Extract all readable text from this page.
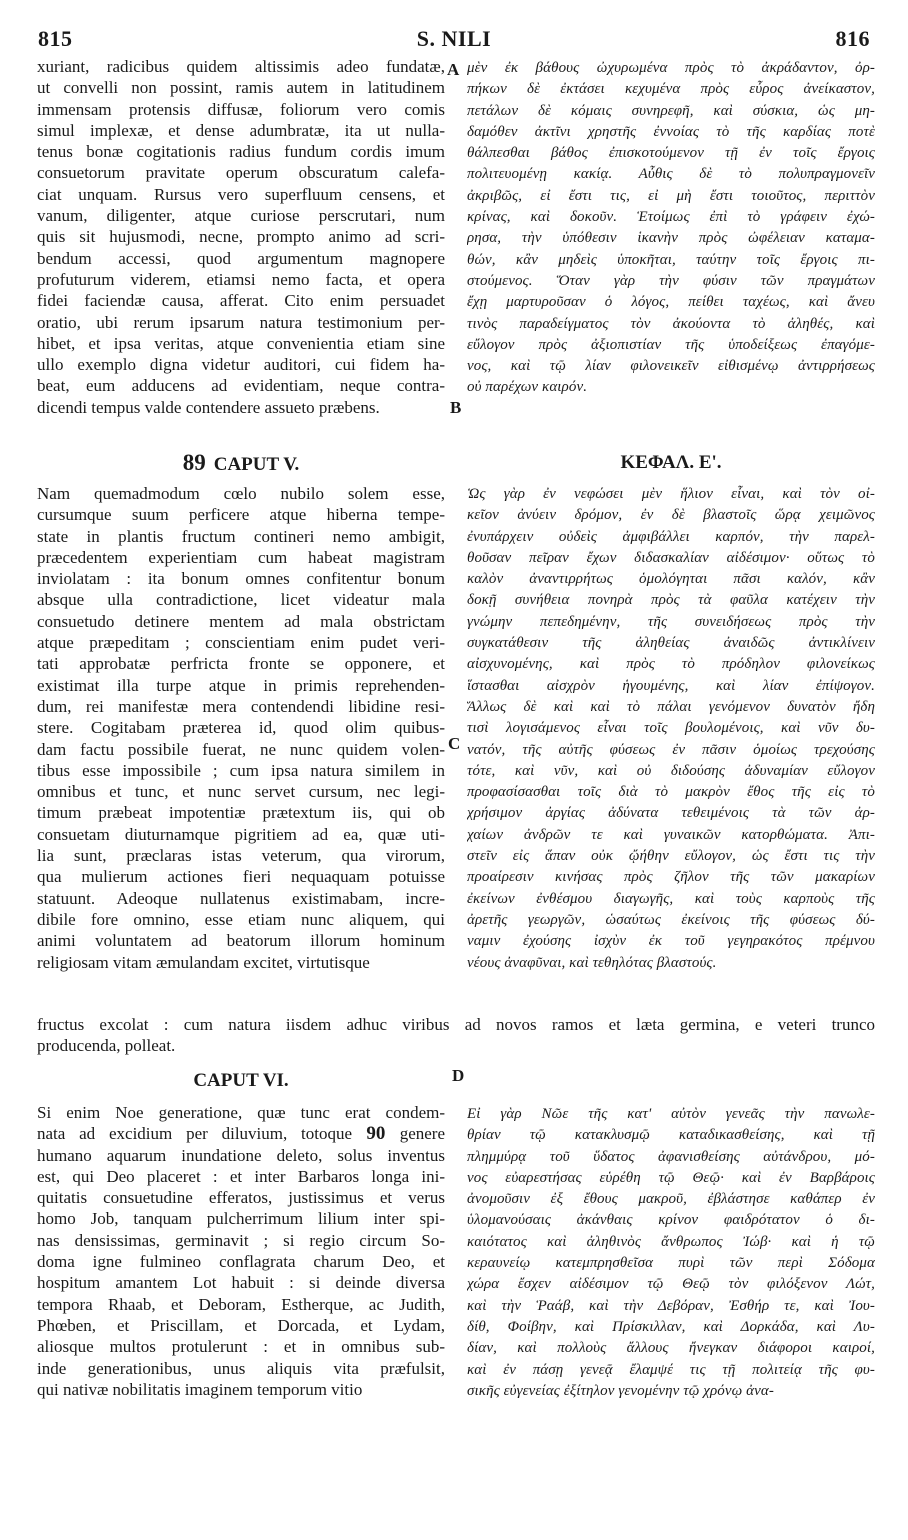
815	S. NILI	816
xuriant, radicibus quidem altissimis adeo fundatæ,
ut convelli non possint, ramis autem in latitudinem
immensam protensis diffusæ, foliorum vero comis
simul implexæ, et dense adumbratæ, ita ut nulla-
tenus bonæ cogitationis radius fundum cordis imum
consuetorum pravitate operum obscuratum calefa-
ciat unquam. Rursus vero superfluum censens, et
vanum, diligenter, atque curiose perscrutari, num
quis sit hujusmodi, necne, prompto animo ad scri-
bendum accessi, quod argumentum magnopere
profuturum viderem, etiamsi nemo facta, et opera
fidei faciendæ causa, afferat. Cito enim persuadet
oratio, ubi rerum ipsarum natura testimonium per-
hibet, et ipsa veritas, atque convenientia etiam sine
ullo exemplo digna videtur auditori, cui fidem ha-
beat, eum adducens ad evidentiam, neque contra-
dicendi tempus valde contendere assueto præbens.
μὲν ἐκ βάθους ὠχυρωμένα πρὸς τὸ ἀκράδαντον, ὀρ-
πήκων δὲ ἐκτάσει κεχυμένα πρὸς εὖρος ἀνείκαστον,
πετάλων δὲ κόμαις συνηρεφῆ, καὶ σύσκια, ὡς μη-
δαμόθεν ἀκτῖνι χρηστῆς ἐννοίας τὸ τῆς καρδίας ποτὲ
θάλπεσθαι βάθος ἐπισκοτούμενον τῇ ἐν τοῖς ἔργοις
πολιτευομένῃ κακίᾳ. Αὖθις δὲ τὸ πολυπραγμονεῖν
ἀκριβῶς, εἰ ἔστι τις, εἰ μὴ ἔστι τοιοῦτος, περιττὸν
κρίνας, καὶ δοκοῦν. Ἑτοίμως ἐπὶ τὸ γράφειν ἐχώ-
ρησα, τὴν ὑπόθεσιν ἱκανὴν πρὸς ὠφέλειαν καταμα-
θών, κἂν μηδεὶς ὑποκῆται, ταύτην τοῖς ἔργοις πι-
στούμενος. Ὅταν γὰρ τὴν φύσιν τῶν πραγμάτων
ἔχῃ μαρτυροῦσαν ὁ λόγος, πείθει ταχέως, καὶ ἄνευ
τινὸς παραδείγματος τὸν ἀκούοντα τὸ ἀληθές, καὶ
εὔλογον πρὸς ἀξιοπιστίαν τῆς ὑποδείξεως ἐπαγόμε-
νος, καὶ τῷ λίαν φιλονεικεῖν εἰθισμένῳ ἀντιρρήσεως
οὐ παρέχων καιρόν.
A
B
C
D
89 CAPUT V.	ΚΕΦΑΛ. Ε'.
Nam quemadmodum cœlo nubilo solem esse,
cursumque suum perficere atque hiberna tempe-
state in plantis fructum contineri nemo ambigit,
præcedentem experientiam cum habeat magistram
inviolatam : ita bonum omnes confitentur bonum
absque ulla contradictione, licet videatur mala
consuetudo detinere mentem ad mala obstrictam
atque præpeditam ; conscientiam enim pudet veri-
tati approbatæ perfricta fronte se opponere, et
existimat illa turpe atque in primis reprehenden-
dum, rei manifestæ mera contendendi libidine resi-
stere. Cogitabam præterea id, quod olim quibus-
dam factu possibile fuerat, ne nunc quidem volen-
tibus esse impossibile ; cum ipsa natura similem in
omnibus et tunc, et nunc servet cursum, nec legi-
timum præbeat impotentiæ prætextum iis, qui ob
consuetam diuturnamque pigritiem ad ea, quæ uti-
lia sunt, præclaras istas veterum, qua virorum,
qua mulierum actiones fieri nequaquam potuisse
statuunt. Adeoque nullatenus existimabam, incre-
dibile fore omnino, esse etiam nunc aliquem, qui
animi voluntatem ad beatorum illorum hominum
religiosam vitam æmulandam excitet, virtutisque
Ὡς γὰρ ἐν νεφώσει μὲν ἥλιον εἶναι, καὶ τὸν οἰ-
κεῖον ἀνύειν δρόμον, ἐν δὲ βλαστοῖς ὥρᾳ χειμῶνος
ἐνυπάρχειν οὐδεὶς ἀμφιβάλλει καρπόν, τὴν παρελ-
θοῦσαν πεῖραν ἔχων διδασκαλίαν αἰδέσιμον· οὕτως τὸ
καλὸν ἀναντιρρήτως ὁμολόγηται πᾶσι καλόν, κἂν
δοκῇ συνήθεια πονηρὰ πρὸς τὰ φαῦλα κατέχειν τὴν
γνώμην πεπεδημένην, τῆς συνειδήσεως πρὸς τὴν
συγκατάθεσιν τῆς ἀληθείας ἀναιδῶς ἀντικλίνειν
αἰσχυνομένης, καὶ πρὸς τὸ πρόδηλον φιλονείκως
ἵστασθαι αἰσχρὸν ἡγουμένης, καὶ λίαν ἐπίψογον.
Ἄλλως δὲ καὶ καὶ τὸ πάλαι γενόμενον δυνατὸν ἤδη
τισὶ λογισάμενος εἶναι τοῖς βουλομένοις, καὶ νῦν δυ-
νατόν, τῆς αὐτῆς φύσεως ἐν πᾶσιν ὁμοίως τρεχούσης
τότε, καὶ νῦν, καὶ οὐ διδούσης ἀδυναμίαν εὔλογον
προφασίσασθαι τοῖς διὰ τὸ μακρὸν ἔθος τῆς εἰς τὸ
χρήσιμον ἀργίας ἀδύνατα τεθειμένοις τὰ τῶν ἀρ-
χαίων ἀνδρῶν τε καὶ γυναικῶν κατορθώματα. Ἀπι-
στεῖν εἰς ἅπαν οὐκ ᾤήθην εὔλογον, ὡς ἔστι τις τὴν
προαίρεσιν κινήσας πρὸς ζῆλον τῆς τῶν μακαρίων
ἐκείνων ἐνθέσμου διαγωγῆς, καὶ τοὺς καρποὺς τῆς
ἀρετῆς γεωργῶν, ὡσαύτως ἐκείνοις τῆς φύσεως δύ-
ναμιν ἐχούσης ἰσχὺν ἐκ τοῦ γεγηρακότος πρέμνου
νέους ἀναφῦναι, καὶ τεθηλότας βλαστούς.
fructus excolat : cum natura iisdem adhuc viribus ad novos ramos et læta germina, e veteri trunco
producenda, polleat.
CAPUT VI.
Si enim Noe generatione, quæ tunc erat condem-
nata ad excidium per diluvium, totoque 90 genere
humano aquarum inundatione deleto, solus inventus
est, qui Deo placeret : et inter Barbaros longa ini-
quitatis consuetudine efferatos, justissimus et verus
homo Job, tanquam pulcherrimum lilium inter spi-
nas densissimas, germinavit ; si regio circum So-
doma igne fulmineo conflagrata charum Deo, et
hospitum amantem Lot habuit : si deinde diversa
tempora Rhaab, et Deboram, Estherque, ac Judith,
Phœben, et Priscillam, et Dorcada, et Lydam,
aliosque multos protulerunt : et in omnibus sub-
inde generationibus, unus aliquis vita præfulsit,
qui nativæ nobilitatis imaginem temporum vitio
Εἰ γὰρ Νῶε τῆς κατ' αὐτὸν γενεᾶς τὴν πανωλε-
θρίαν τῷ κατακλυσμῷ καταδικασθείσης, καὶ τῇ
πλημμύρᾳ τοῦ ὕδατος ἀφανισθείσης αὐτάνδρου, μό-
νος εὐαρεστήσας εὑρέθη τῷ Θεῷ· καὶ ἐν Βαρβάροις
ἀνομοῦσιν ἐξ ἔθους μακροῦ, ἐβλάστησε καθάπερ ἐν
ὑλομανούσαις ἀκάνθαις κρίνον φαιδρότατον ὁ δι-
καιότατος καὶ ἀληθινὸς ἄνθρωπος Ἰώβ· καὶ ἡ τῷ
κεραυνείῳ κατεμπρησθεῖσα πυρὶ τῶν περὶ Σόδομα
χώρα ἔσχεν αἰδέσιμον τῷ Θεῷ τὸν φιλόξενον Λώτ,
καὶ τὴν Ῥαάβ, καὶ τὴν Δεβόραν, Ἐσθήρ τε, καὶ Ἰου-
δίθ, Φοίβην, καὶ Πρίσκιλλαν, καὶ Δορκάδα, καὶ Λυ-
δίαν, καὶ πολλοὺς ἄλλους ἤνεγκαν διάφοροι καιροί,
καὶ ἐν πάσῃ γενεᾷ ἔλαμψέ τις τῇ πολιτείᾳ τῆς φυ-
σικῆς εὐγενείας ἐξίτηλον γενομένην τῷ χρόνῳ ἀνα-
